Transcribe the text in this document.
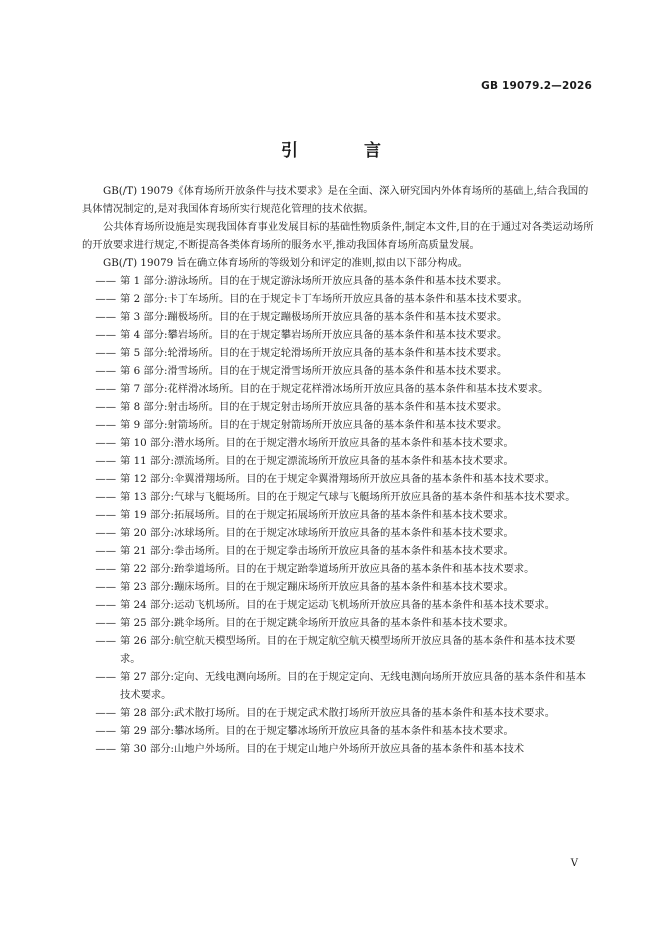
GB 19079.2—2026
引 言
GB(/T) 19079《体育场所开放条件与技术要求》是在全面、深入研究国内外体育场所的基础上,结合我国的具体情况制定的,是对我国体育场所实行规范化管理的技术依据。
公共体育场所设施是实现我国体育事业发展目标的基础性物质条件,制定本文件,目的在于通过对各类运动场所的开放要求进行规定,不断提高各类体育场所的服务水平,推动我国体育场所高质量发展。
GB(/T) 19079 旨在确立体育场所的等级划分和评定的准则,拟由以下部分构成。
—— 第 1 部分:游泳场所。目的在于规定游泳场所开放应具备的基本条件和基本技术要求。
—— 第 2 部分:卡丁车场所。目的在于规定卡丁车场所开放应具备的基本条件和基本技术要求。
—— 第 3 部分:蹦极场所。目的在于规定蹦极场所开放应具备的基本条件和基本技术要求。
—— 第 4 部分:攀岩场所。目的在于规定攀岩场所开放应具备的基本条件和基本技术要求。
—— 第 5 部分:轮滑场所。目的在于规定轮滑场所开放应具备的基本条件和基本技术要求。
—— 第 6 部分:滑雪场所。目的在于规定滑雪场所开放应具备的基本条件和基本技术要求。
—— 第 7 部分:花样滑冰场所。目的在于规定花样滑冰场所开放应具备的基本条件和基本技术要求。
—— 第 8 部分:射击场所。目的在于规定射击场所开放应具备的基本条件和基本技术要求。
—— 第 9 部分:射箭场所。目的在于规定射箭场所开放应具备的基本条件和基本技术要求。
—— 第 10 部分:潜水场所。目的在于规定潜水场所开放应具备的基本条件和基本技术要求。
—— 第 11 部分:漂流场所。目的在于规定漂流场所开放应具备的基本条件和基本技术要求。
—— 第 12 部分:伞翼滑翔场所。目的在于规定伞翼滑翔场所开放应具备的基本条件和基本技术要求。
—— 第 13 部分:气球与飞艇场所。目的在于规定气球与飞艇场所开放应具备的基本条件和基本技术要求。
—— 第 19 部分:拓展场所。目的在于规定拓展场所开放应具备的基本条件和基本技术要求。
—— 第 20 部分:冰球场所。目的在于规定冰球场所开放应具备的基本条件和基本技术要求。
—— 第 21 部分:拳击场所。目的在于规定拳击场所开放应具备的基本条件和基本技术要求。
—— 第 22 部分:跆拳道场所。目的在于规定跆拳道场所开放应具备的基本条件和基本技术要求。
—— 第 23 部分:蹦床场所。目的在于规定蹦床场所开放应具备的基本条件和基本技术要求。
—— 第 24 部分:运动飞机场所。目的在于规定运动飞机场所开放应具备的基本条件和基本技术要求。
—— 第 25 部分:跳伞场所。目的在于规定跳伞场所开放应具备的基本条件和基本技术要求。
—— 第 26 部分:航空航天模型场所。目的在于规定航空航天模型场所开放应具备的基本条件和基本技术要求。
—— 第 27 部分:定向、无线电测向场所。目的在于规定定向、无线电测向场所开放应具备的基本条件和基本技术要求。
—— 第 28 部分:武术散打场所。目的在于规定武术散打场所开放应具备的基本条件和基本技术要求。
—— 第 29 部分:攀冰场所。目的在于规定攀冰场所开放应具备的基本条件和基本技术要求。
—— 第 30 部分:山地户外场所。目的在于规定山地户外场所开放应具备的基本条件和基本技术
V
